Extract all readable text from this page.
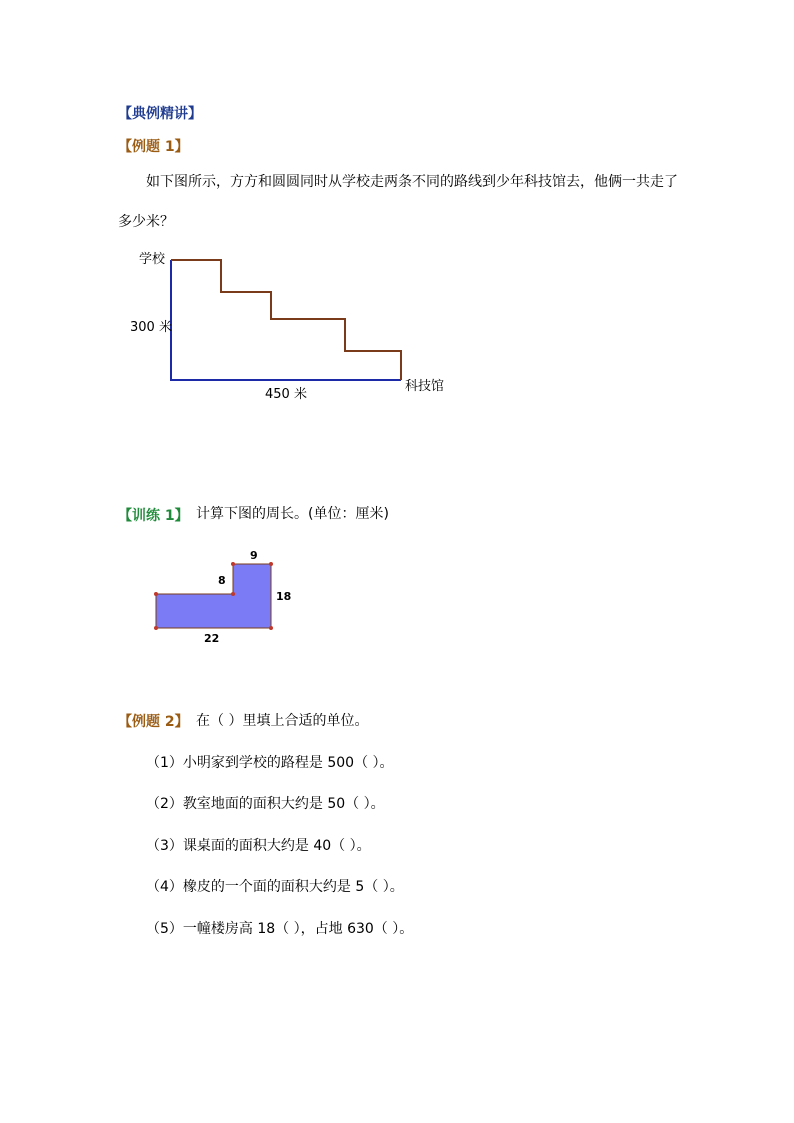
【典例精讲】
【例题 1】
如下图所示，方方和圆圆同时从学校走两条不同的路线到少年科技馆去，他俩一共走了
多少米？
学校
300 米
450 米
科技馆
【训练 1】 计算下图的周长。(单位：厘米)
9
8
18
22
【例题 2】 在（ ）里填上合适的单位。
（1）小明家到学校的路程是 500（ ）。
（2）教室地面的面积大约是 50（ ）。
（3）课桌面的面积大约是 40（ ）。
（4）橡皮的一个面的面积大约是 5（ ）。
（5）一幢楼房高 18（ ），占地 630（ ）。
